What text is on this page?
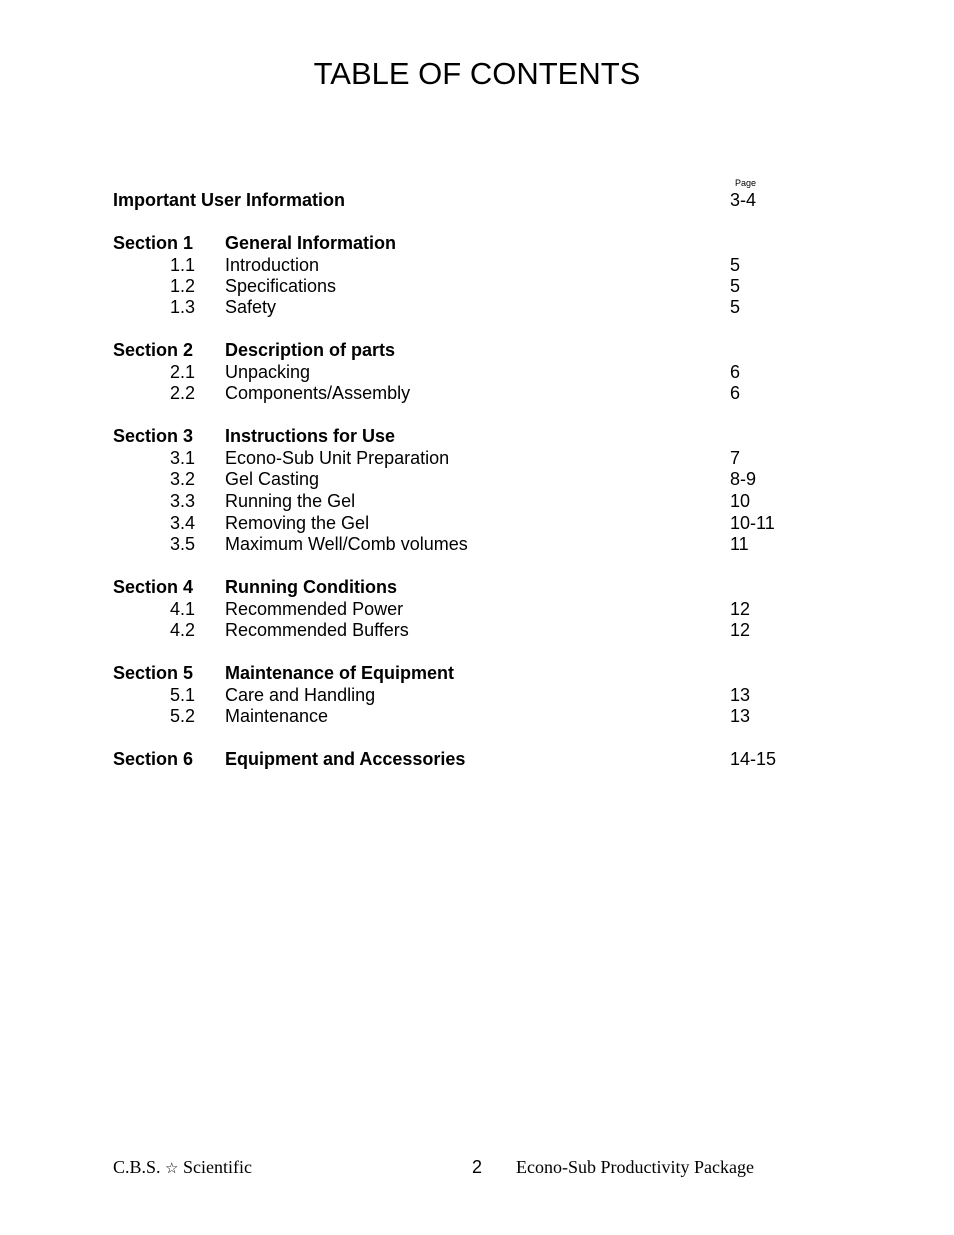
TABLE OF CONTENTS
Page
Important User Information	3-4
Section 1 General Information
1.1 Introduction	5
1.2 Specifications	5
1.3 Safety	5
Section 2 Description of parts
2.1 Unpacking	6
2.2 Components/Assembly	6
Section 3 Instructions for Use
3.1 Econo-Sub Unit Preparation	7
3.2 Gel Casting	8-9
3.3 Running the Gel	10
3.4 Removing the Gel	10-11
3.5 Maximum Well/Comb volumes	11
Section 4 Running Conditions
4.1 Recommended Power	12
4.2 Recommended Buffers	12
Section 5 Maintenance of Equipment
5.1 Care and Handling	13
5.2 Maintenance	13
Section 6 Equipment and Accessories	14-15
C.B.S. ☆ Scientific	2 Econo-Sub Productivity Package
